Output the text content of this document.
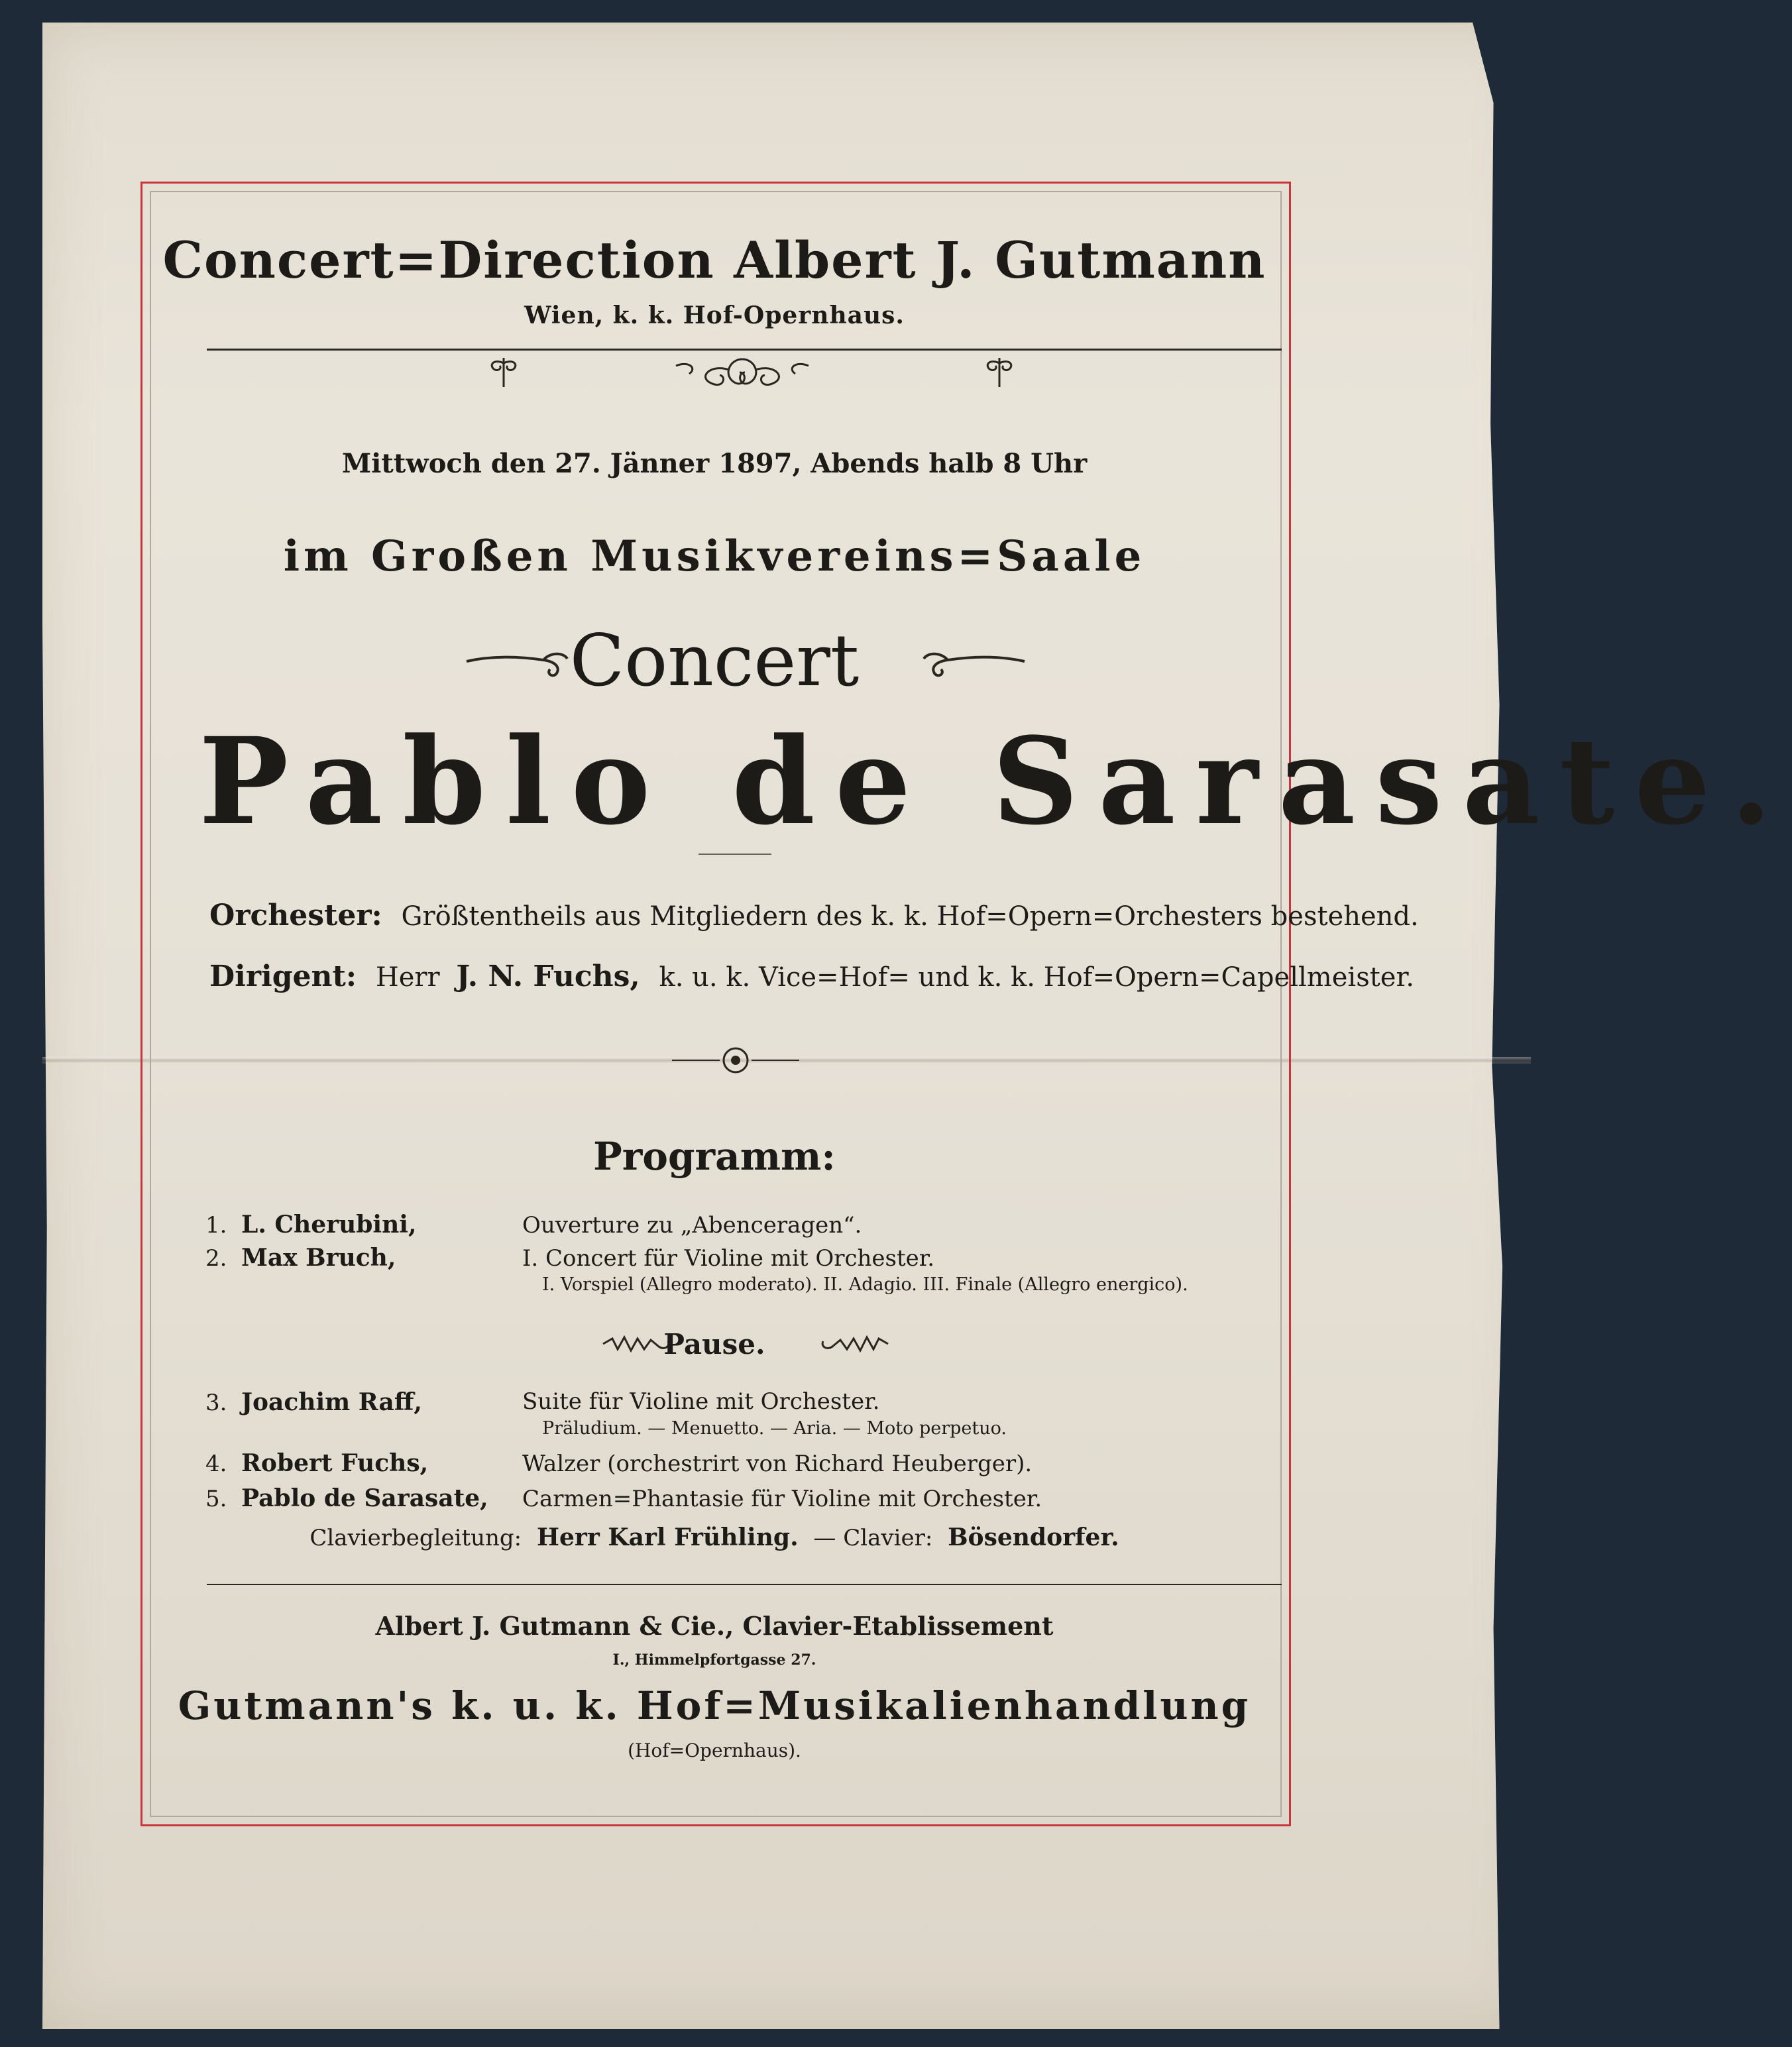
Concert=Direction Albert J. Gutmann
Wien, k. k. Hof-Opernhaus.
Mittwoch den 27. Jänner 1897, Abends halb 8 Uhr
im Großen Musikvereins=Saale
Concert
Pablo de Sarasate.
Orchester: Größtentheils aus Mitgliedern des k. k. Hof=Opern=Orchesters bestehend.
Dirigent: Herr J. N. Fuchs, k. u. k. Vice=Hof= und k. k. Hof=Opern=Capellmeister.
Programm:
1. L. Cherubini,	Ouverture zu „Abenceragen“.
2. Max Bruch,	I. Concert für Violine mit Orchester.
I. Vorspiel (Allegro moderato). II. Adagio. III. Finale (Allegro energico).
Pause.
3. Joachim Raff,	Suite für Violine mit Orchester.
Präludium. — Menuetto. — Aria. — Moto perpetuo.
4. Robert Fuchs,	Walzer (orchestrirt von Richard Heuberger).
5. Pablo de Sarasate, Carmen=Phantasie für Violine mit Orchester.
Clavierbegleitung: Herr Karl Frühling. — Clavier: Bösendorfer.
Albert J. Gutmann & Cie., Clavier-Etablissement
I., Himmelpfortgasse 27.
Gutmann's k. u. k. Hof=Musikalienhandlung
(Hof=Opernhaus).
